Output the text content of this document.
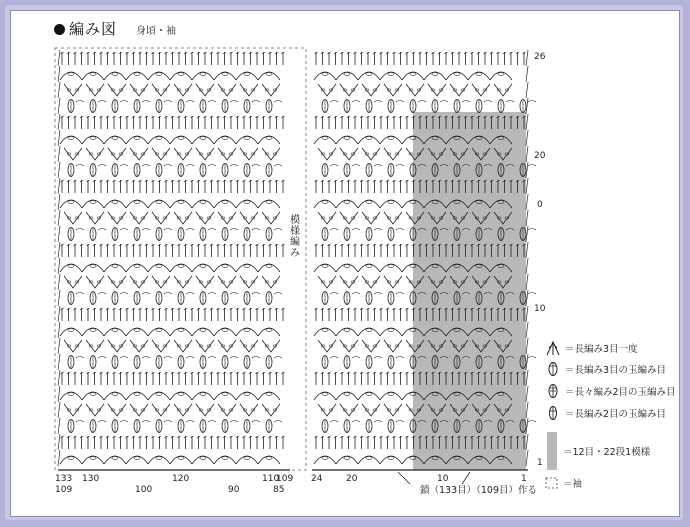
編み図 身頃・袖
模様編み
26
20
0
10
1
133 130	120	110
109 24	20	10	1
109	100	90	85	鎖（133目）（109目）作る
＝長編み3目一度
＝長編み3目の玉編み目
＝長々編み2目の玉編み目
＝長編み2目の玉編み目
＝12目・22段1模様
＝袖
